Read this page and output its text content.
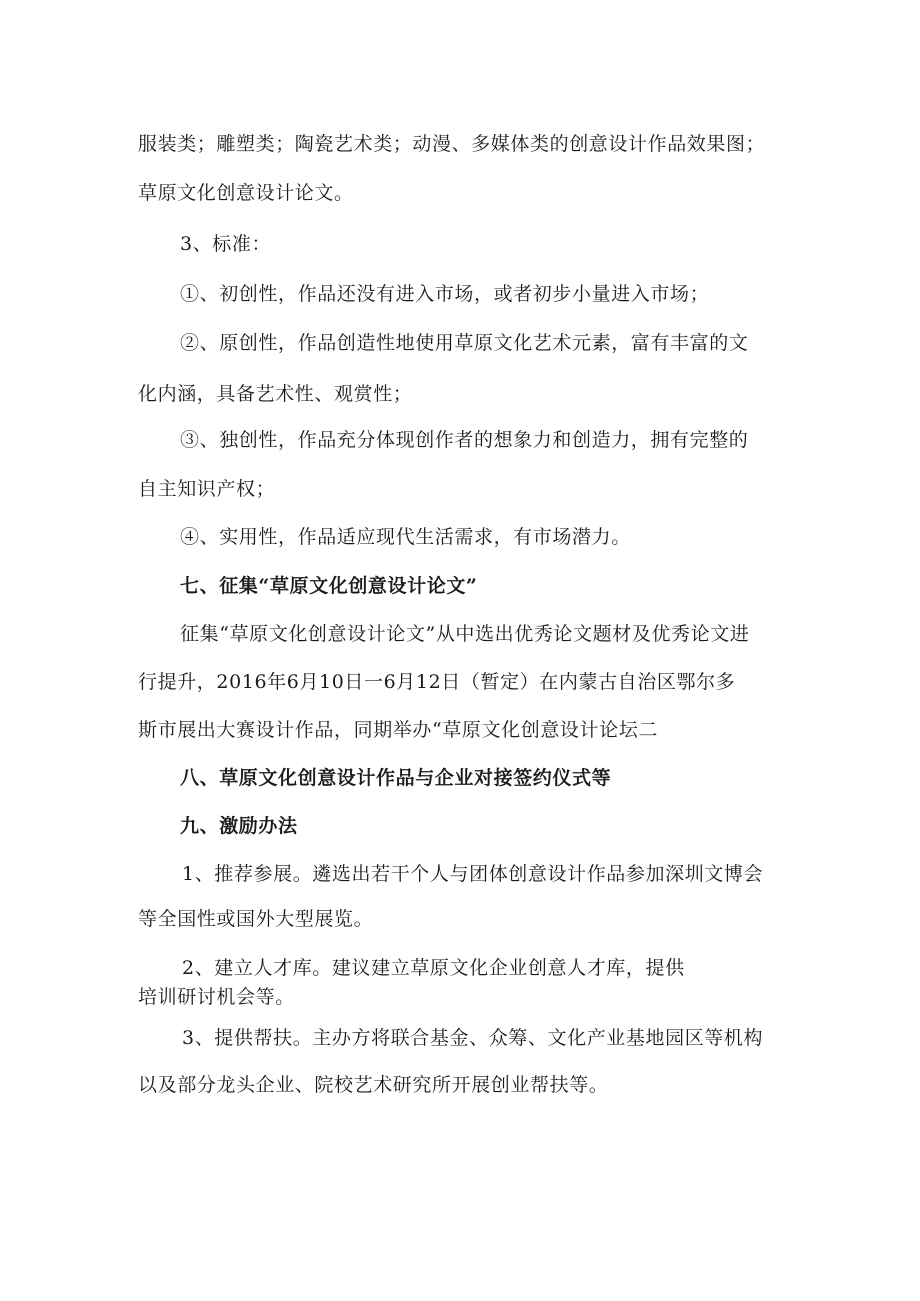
服装类；雕塑类；陶瓷艺术类；动漫、多媒体类的创意设计作品效果图；
草原文化创意设计论文。
3、标准：
①、初创性，作品还没有进入市场，或者初步小量进入市场；
②、原创性，作品创造性地使用草原文化艺术元素，富有丰富的文
化内涵，具备艺术性、观赏性；
③、独创性，作品充分体现创作者的想象力和创造力，拥有完整的
自主知识产权；
④、实用性，作品适应现代生活需求，有市场潜力。
七、征集“草原文化创意设计论文”
征集“草原文化创意设计论文”从中选出优秀论文题材及优秀论文进
行提升，2016年6月10日一6月12日（暂定）在内蒙古自治区鄂尔多
斯市展出大赛设计作品，同期举办“草原文化创意设计论坛二
八、草原文化创意设计作品与企业对接签约仪式等
九、激励办法
1、推荐参展。遴选出若干个人与团体创意设计作品参加深圳文博会
等全国性或国外大型展览。
2、建立人才库。建议建立草原文化企业创意人才库，提供
培训研讨机会等。
3、提供帮扶。主办方将联合基金、众筹、文化产业基地园区等机构
以及部分龙头企业、院校艺术研究所开展创业帮扶等。
